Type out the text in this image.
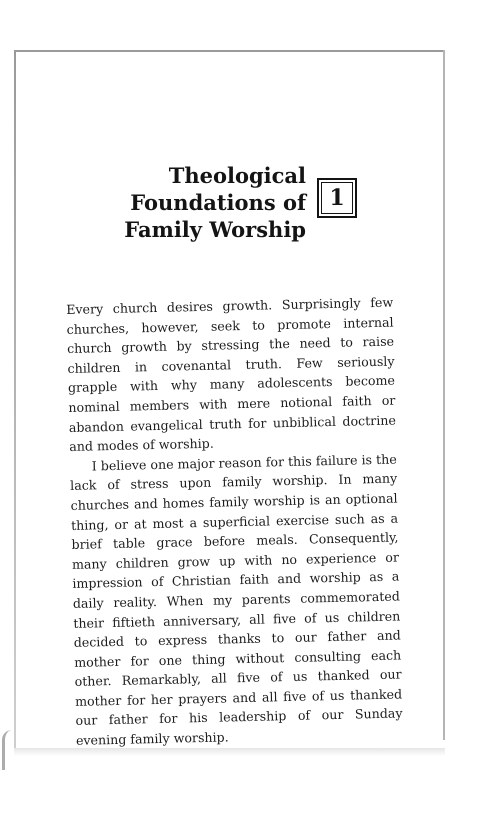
Theological
Foundations of
Family Worship
1

Every church desires growth. Surprisingly few churches, however, seek to promote internal church growth by stressing the need to raise children in covenantal truth. Few seriously grapple with why many adolescents become nominal members with mere notional faith or abandon evangelical truth for unbiblical doctrine and modes of worship.

I believe one major reason for this failure is the lack of stress upon family worship. In many churches and homes family worship is an optional thing, or at most a superficial exercise such as a brief table grace before meals. Consequently, many children grow up with no experience or impression of Christian faith and worship as a daily reality. When my parents commemorated their fiftieth anniversary, all five of us children decided to express thanks to our father and mother for one thing without consulting each other. Remarkably, all five of us thanked our mother for her prayers and all five of us thanked our father for his leadership of our Sunday evening family worship.
